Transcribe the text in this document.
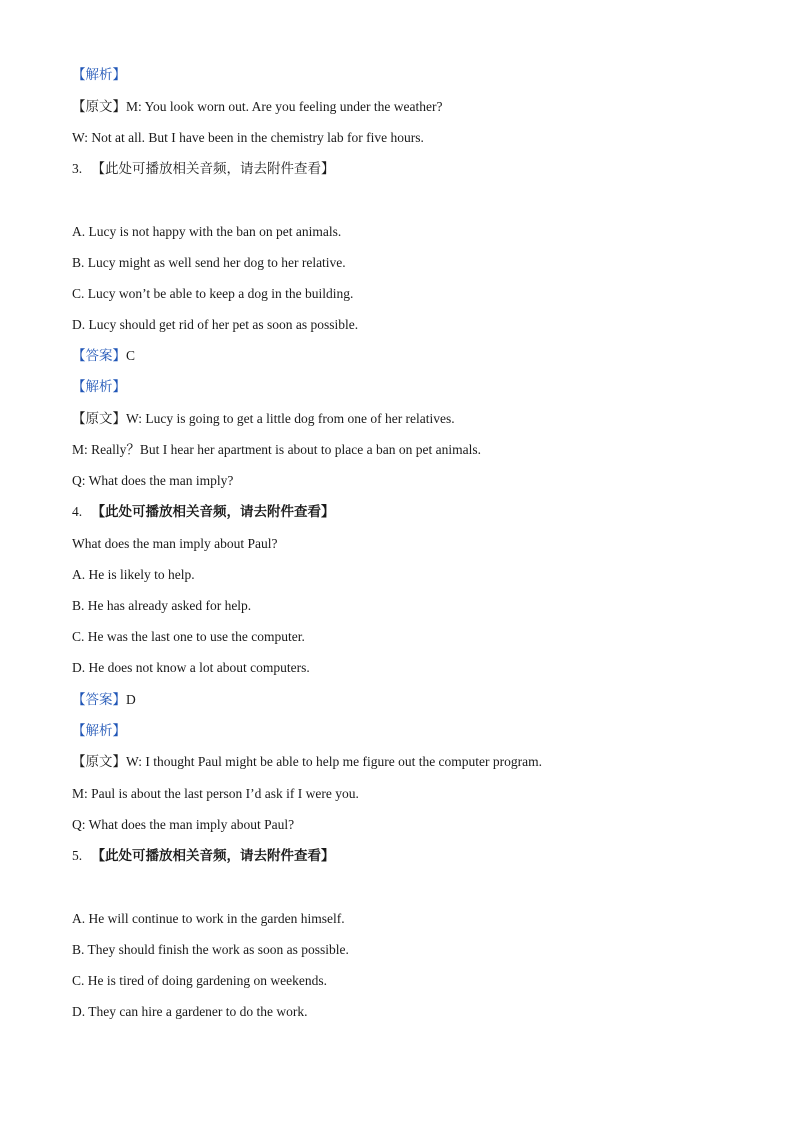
【解析】
【原文】M: You look worn out. Are you feeling under the weather?
W: Not at all. But I have been in the chemistry lab for five hours.
3. 【此处可播放相关音频，请去附件查看】
A. Lucy is not happy with the ban on pet animals.
B. Lucy might as well send her dog to her relative.
C. Lucy won’t be able to keep a dog in the building.
D. Lucy should get rid of her pet as soon as possible.
【答案】C
【解析】
【原文】W: Lucy is going to get a little dog from one of her relatives.
M: Really？But I hear her apartment is about to place a ban on pet animals.
Q: What does the man imply?
4. 【此处可播放相关音频，请去附件查看】
What does the man imply about Paul?
A. He is likely to help.
B. He has already asked for help.
C. He was the last one to use the computer.
D. He does not know a lot about computers.
【答案】D
【解析】
【原文】W: I thought Paul might be able to help me figure out the computer program.
M: Paul is about the last person I’d ask if I were you.
Q: What does the man imply about Paul?
5. 【此处可播放相关音频，请去附件查看】
A. He will continue to work in the garden himself.
B. They should finish the work as soon as possible.
C. He is tired of doing gardening on weekends.
D. They can hire a gardener to do the work.
